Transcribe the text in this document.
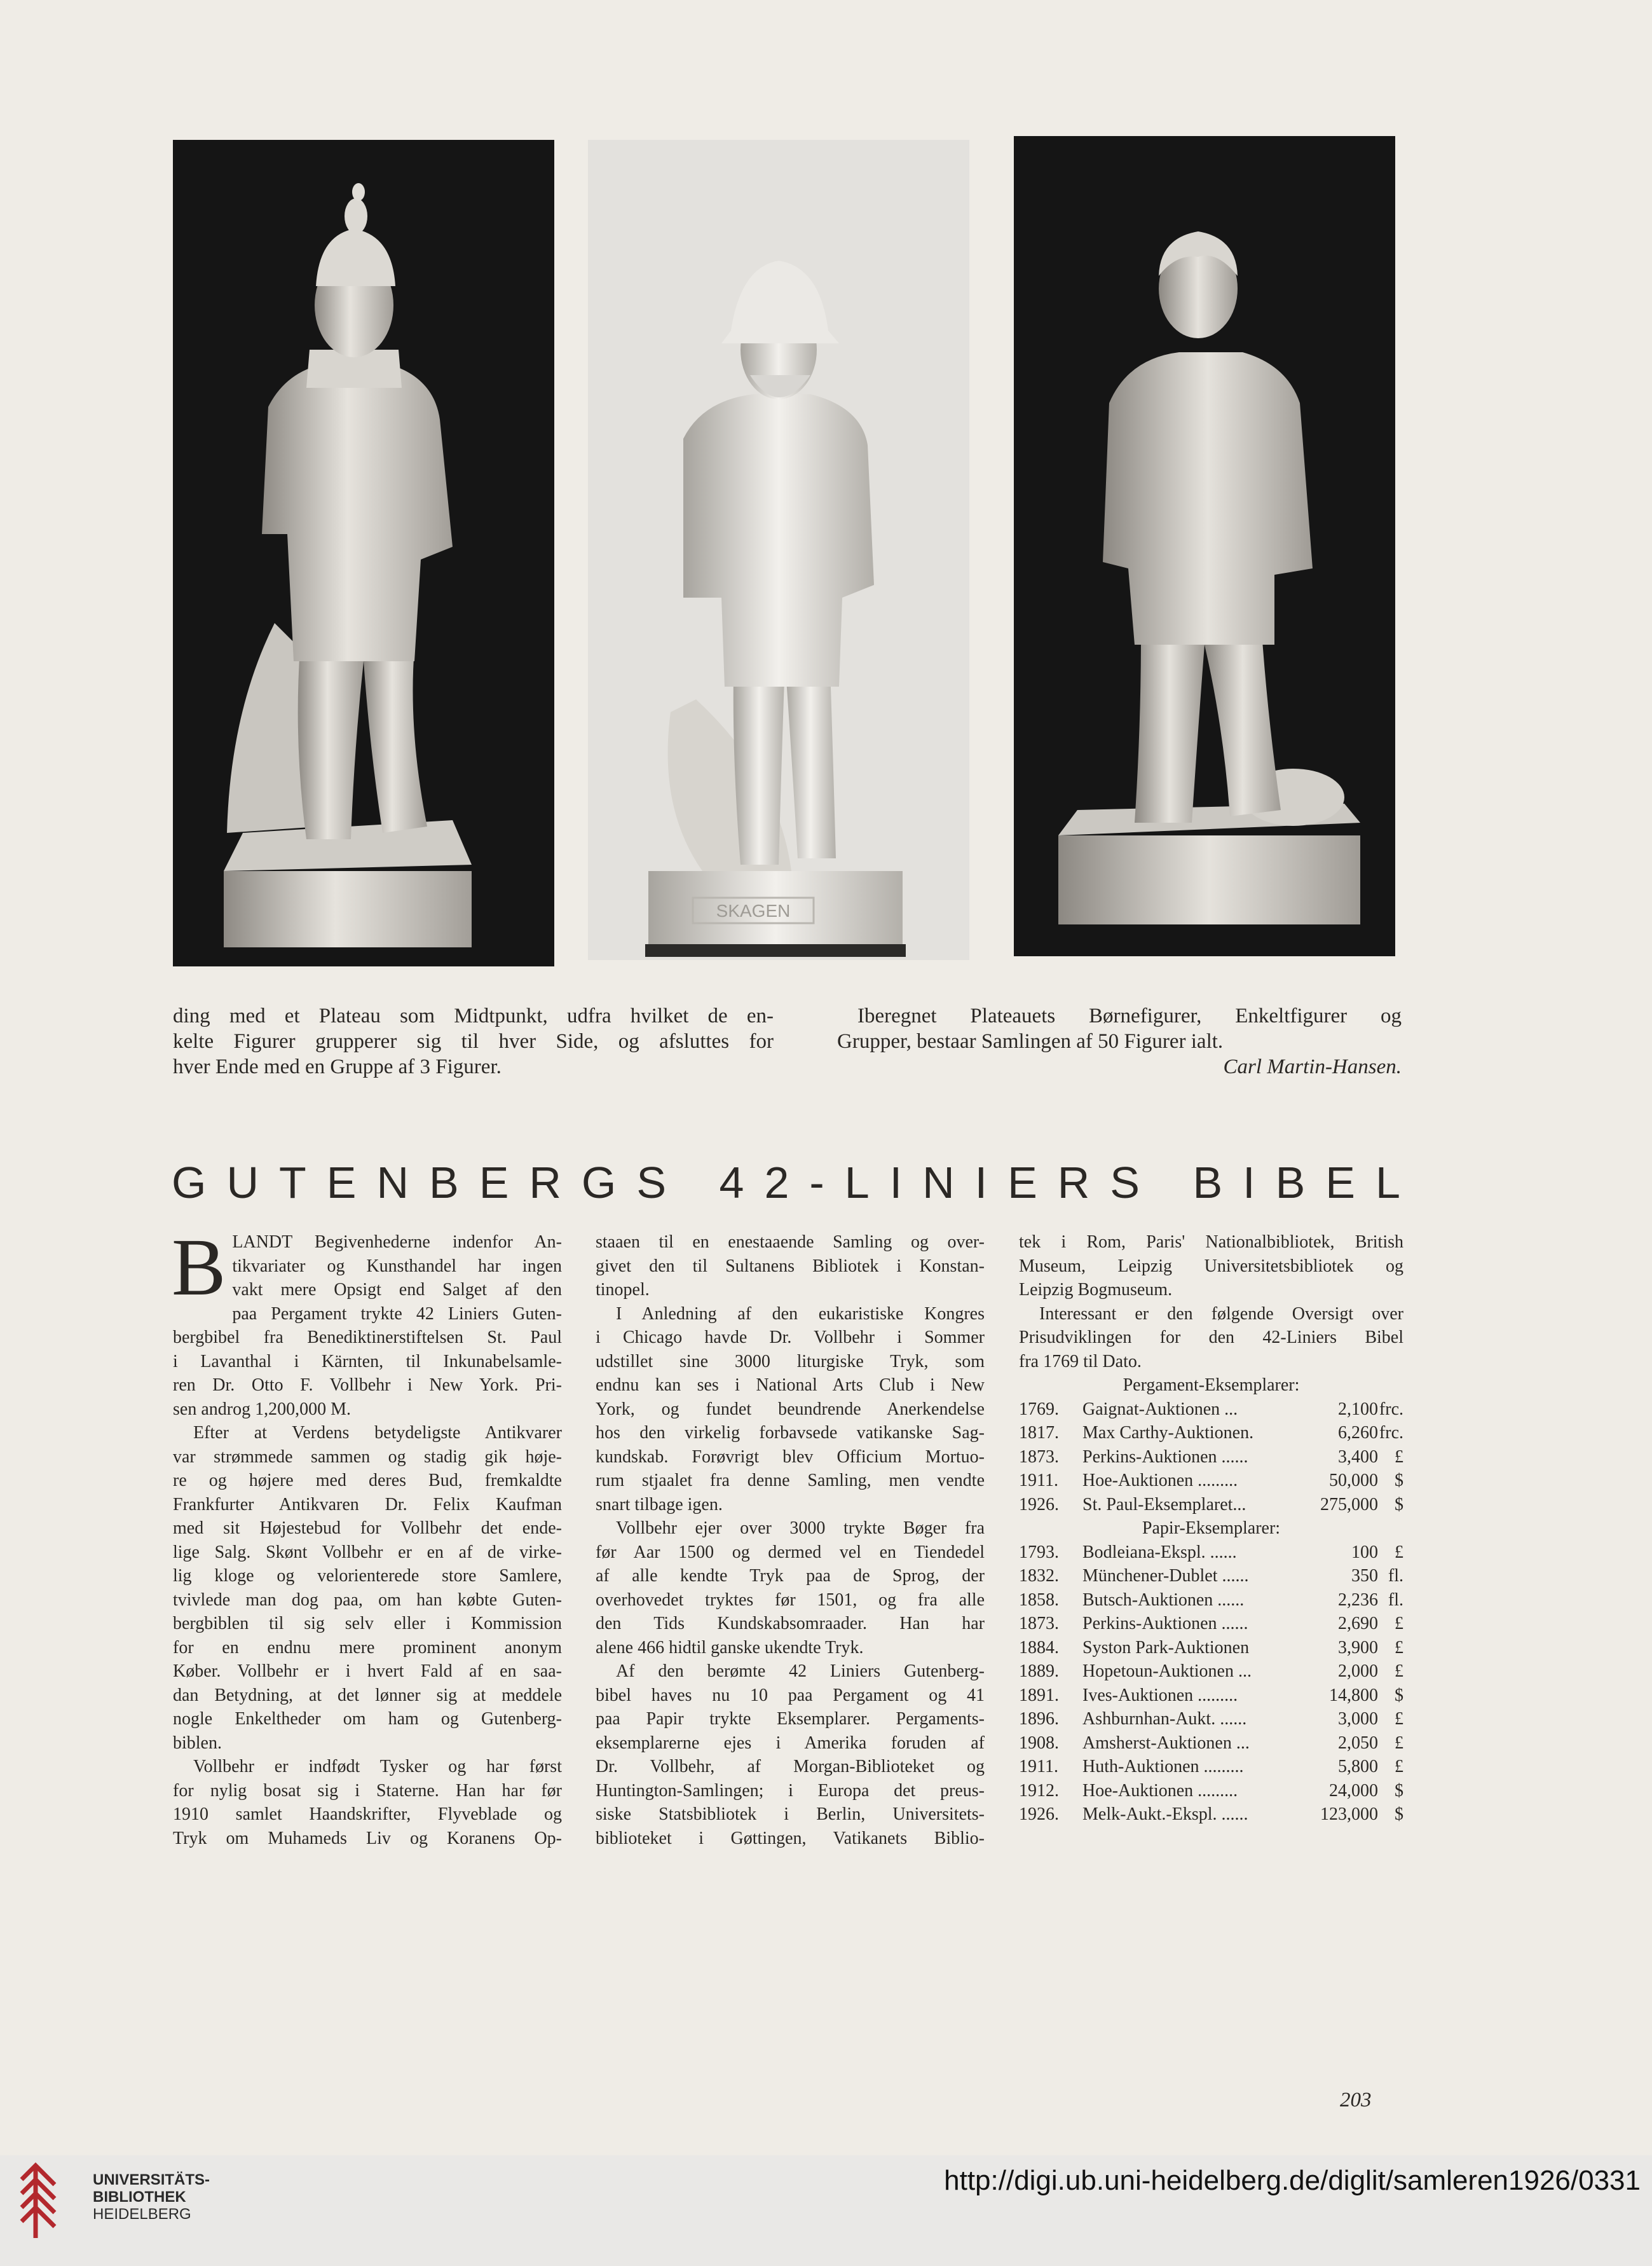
SKAGEN

ding med et Plateau som Midtpunkt, udfra hvilket de en-

kelte Figurer grupperer sig til hver Side, og afsluttes for

hver Ende med en Gruppe af 3 Figurer.

Iberegnet Plateauets Børnefigurer, Enkeltfigurer og

Grupper, bestaar Samlingen af 50 Figurer ialt.

Carl Martin-Hansen.

GUTENBERGS 42-LINIERS BIBEL
B LANDT Begivenhederne indenfor An-
tikvariater og Kunsthandel har ingen
vakt mere Opsigt end Salget af den
paa Pergament trykte 42 Liniers Guten-
bergbibel fra Benediktinerstiftelsen St. Paul
i Lavanthal i Kärnten, til Inkunabelsamle-
ren Dr. Otto F. Vollbehr i New York. Pri-
sen androg 1,200,000 M.
Efter at Verdens betydeligste Antikvarer
var strømmede sammen og stadig gik høje-
re og højere med deres Bud, fremkaldte
Frankfurter Antikvaren Dr. Felix Kaufman
med sit Højestebud for Vollbehr det ende-
lige Salg. Skønt Vollbehr er en af de virke-
lig kloge og velorienterede store Samlere,
tvivlede man dog paa, om han købte Guten-
bergbiblen til sig selv eller i Kommission
for en endnu mere prominent anonym
Køber. Vollbehr er i hvert Fald af en saa-
dan Betydning, at det lønner sig at meddele
nogle Enkeltheder om ham og Gutenberg-
biblen.
Vollbehr er indfødt Tysker og har først
for nylig bosat sig i Staterne. Han har før
1910 samlet Haandskrifter, Flyveblade og
Tryk om Muhameds Liv og Koranens Op-
staaen til en enestaaende Samling og over-
givet den til Sultanens Bibliotek i Konstan-
tinopel.
I Anledning af den eukaristiske Kongres
i Chicago havde Dr. Vollbehr i Sommer
udstillet sine 3000 liturgiske Tryk, som
endnu kan ses i National Arts Club i New
York, og fundet beundrende Anerkendelse
hos den virkelig forbavsede vatikanske Sag-
kundskab. Forøvrigt blev Officium Mortuo-
rum stjaalet fra denne Samling, men vendte
snart tilbage igen.
Vollbehr ejer over 3000 trykte Bøger fra
før Aar 1500 og dermed vel en Tiendedel
af alle kendte Tryk paa de Sprog, der
overhovedet tryktes før 1501, og fra alle
den Tids Kundskabsomraader. Han har
alene 466 hidtil ganske ukendte Tryk.
Af den berømte 42 Liniers Gutenberg-
bibel haves nu 10 paa Pergament og 41
paa Papir trykte Eksemplarer. Pergaments-
eksemplarerne ejes i Amerika foruden af
Dr. Vollbehr, af Morgan-Biblioteket og
Huntington-Samlingen; i Europa det preus-
siske Statsbibliotek i Berlin, Universitets-
biblioteket i Gøttingen, Vatikanets Biblio-
tek i Rom, Paris' Nationalbibliotek, British
Museum, Leipzig Universitetsbibliotek og
Leipzig Bogmuseum.
Interessant er den følgende Oversigt over
Prisudviklingen for den 42-Liniers Bibel
fra 1769 til Dato.
Pergament-Eksemplarer:
1769.	Gaignat-Auktionen ...	2,100 frc.
1817.	Max Carthy-Auktionen.	6,260 frc.
1873.	Perkins-Auktionen ......	3,400 £
1911.	Hoe-Auktionen .........	50,000 $
1926.	St. Paul-Eksemplaret...	275,000 $
Papir-Eksemplarer:
1793.	Bodleiana-Ekspl. ......	100 £
1832.	Münchener-Dublet ......	350 fl.
1858.	Butsch-Auktionen ......	2,236 fl.
1873.	Perkins-Auktionen ......	2,690 £
1884.	Syston Park-Auktionen	3,900 £
1889.	Hopetoun-Auktionen ...	2,000 £
1891.	Ives-Auktionen .........	14,800 $
1896.	Ashburnhan-Aukt. ......	3,000 £
1908.	Amsherst-Auktionen ...	2,050 £
1911.	Huth-Auktionen .........	5,800 £
1912.	Hoe-Auktionen .........	24,000 $
1926.	Melk-Aukt.-Ekspl. ......	123,000 $
203
UNIVERSITÄTS-
BIBLIOTHEK
HEIDELBERG
http://digi.ub.uni-heidelberg.de/diglit/samleren1926/0331
